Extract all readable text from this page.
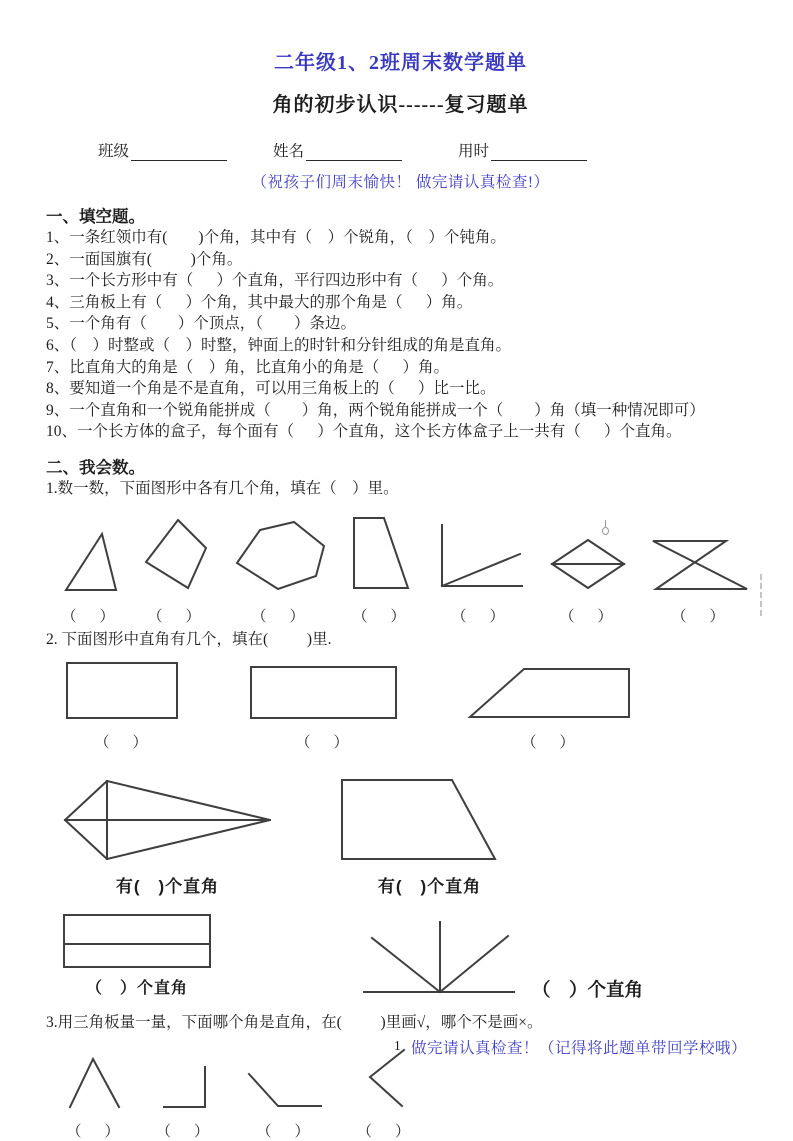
二年级1、2班周末数学题单
角的初步认识------复习题单
班级	姓名	用时
（祝孩子们周末愉快！ 做完请认真检查!）
一、填空题。
1、一条红领巾有(        )个角，其中有（    ）个锐角，（    ）个钝角。
2、一面国旗有(          )个角。
3、一个长方形中有（      ）个直角，平行四边形中有（      ）个角。
4、三角板上有（      ）个角，其中最大的那个角是（      ）角。
5、一个角有（        ）个顶点，（        ）条边。
6、（    ）时整或（    ）时整，钟面上的时针和分针组成的角是直角。
7、比直角大的角是（    ）角，比直角小的角是（      ）角。
8、要知道一个角是不是直角，可以用三角板上的（      ）比一比。
9、一个直角和一个锐角能拼成（        ）角，两个锐角能拼成一个（        ）角（填一种情况即可）
10、一个长方体的盒子，每个面有（      ）个直角，这个长方体盒子上一共有（      ）个直角。
二、我会数。
1.数一数，下面图形中各有几个角，填在（    ）里。
（　） （　）	（　）	（　）	（　）	（　）	（　）
2. 下面图形中直角有几个，填在(          )里.
（　）	（　）	（　）
有(　)个直角	有(　)个直角
（　）个直角	（　）个直角
3.用三角板量一量，下面哪个角是直角，在(          )里画√，哪个不是画×。
（　） （　）	（　）	（　）
1 做完请认真检查！（记得将此题单带回学校哦）
